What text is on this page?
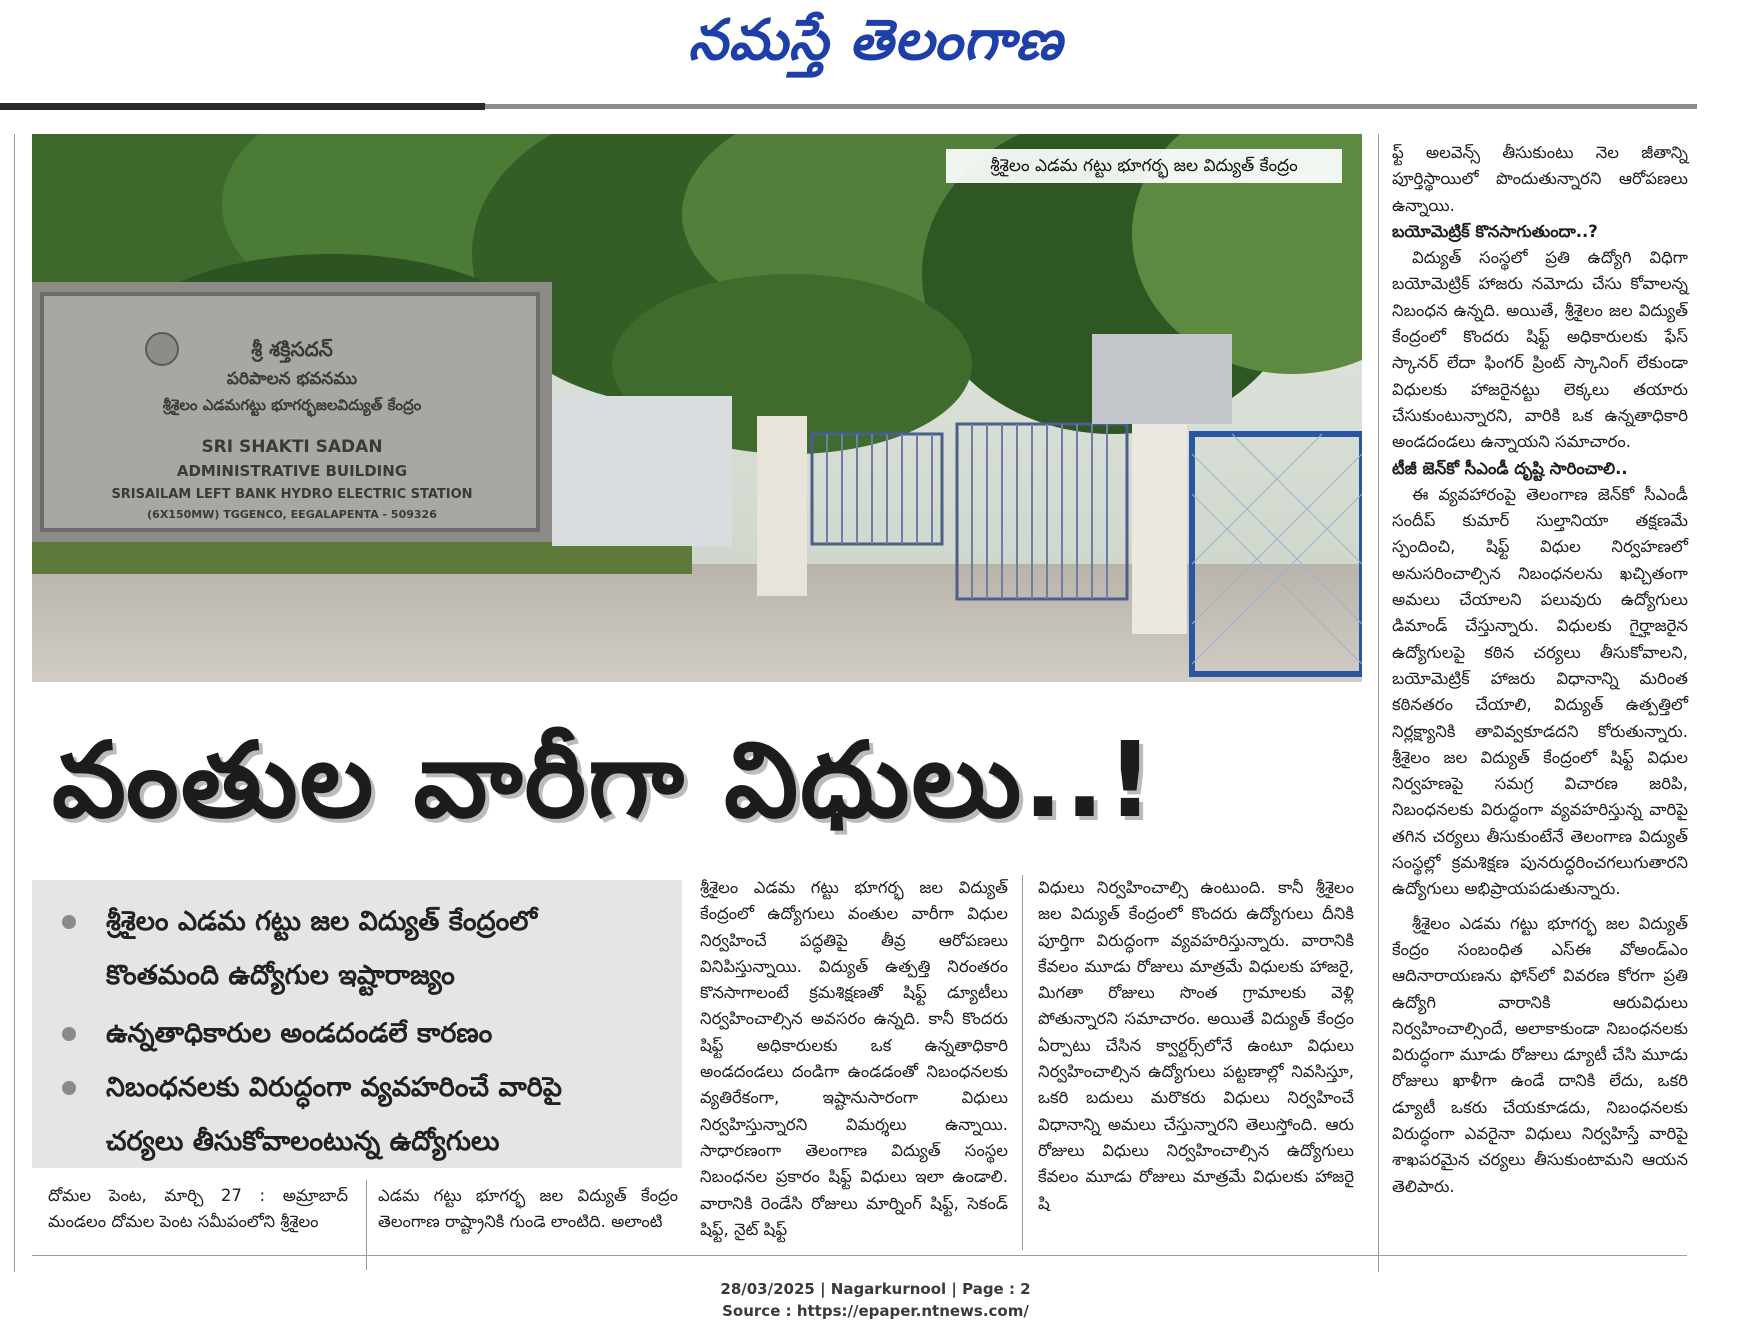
నమస్తే తెలంగాణ
శ్రీ శక్తిసదన్
పరిపాలన భవనము
శ్రీశైలం ఎడమగట్టు భూగర్భజలవిద్యుత్ కేంద్రం
SRI SHAKTI SADAN
ADMINISTRATIVE BUILDING
SRISAILAM LEFT BANK HYDRO ELECTRIC STATION
(6X150MW) TGGENCO, EEGALAPENTA - 509326
శ్రీశైలం ఎడమ గట్టు భూగర్భ జల విద్యుత్ కేంద్రం
వంతుల వారీగా విధులు..!
శ్రీశైలం ఎడమ గట్టు జల విద్యుత్ కేంద్రంలో
కొంతమంది ఉద్యోగుల ఇష్టారాజ్యం
ఉన్నతాధికారుల అండదండలే కారణం
నిబంధనలకు విరుద్ధంగా వ్యవహరించే వారిపై
చర్యలు తీసుకోవాలంటున్న ఉద్యోగులు

దోమల పెంట, మార్చి 27 : అమ్రాబాద్ మండలం దోమల పెంట సమీపంలోని శ్రీశైలం

ఎడమ గట్టు భూగర్భ జల విద్యుత్ కేంద్రం తెలంగాణ రాష్ట్రానికి గుండె లాంటిది. అలాంటి

శ్రీశైలం ఎడమ గట్టు భూగర్భ జల విద్యుత్ కేంద్రంలో ఉద్యోగులు వంతుల వారీగా విధుల నిర్వహించే పద్ధతిపై తీవ్ర ఆరోపణలు వినిపిస్తున్నాయి. విద్యుత్ ఉత్పత్తి నిరంతరం కొనసాగాలంటే క్రమశిక్షణతో షిఫ్ట్ డ్యూటీలు నిర్వహించాల్సిన అవసరం ఉన్నది. కానీ కొందరు షిఫ్ట్ అధికారులకు ఒక ఉన్నతాధికారి అండదండలు దండిగా ఉండడంతో నిబంధనలకు వ్యతిరేకంగా, ఇష్టానుసారంగా విధులు నిర్వహిస్తున్నారని విమర్శలు ఉన్నాయి. సాధారణంగా తెలంగాణ విద్యుత్ సంస్థల నిబంధనల ప్రకారం షిఫ్ట్ విధులు ఇలా ఉండాలి. వారానికి రెండేసి రోజులు మార్నింగ్ షిఫ్ట్, సెకండ్ షిఫ్ట్, నైట్ షిఫ్ట్

విధులు నిర్వహించాల్సి ఉంటుంది. కానీ శ్రీశైలం జల విద్యుత్ కేంద్రంలో కొందరు ఉద్యోగులు దీనికి పూర్తిగా విరుద్ధంగా వ్యవహరిస్తున్నారు. వారానికి కేవలం మూడు రోజులు మాత్రమే విధులకు హాజరై, మిగతా రోజులు సొంత గ్రామాలకు వెళ్లి పోతున్నారని సమాచారం. అయితే విద్యుత్ కేంద్రం ఏర్పాటు చేసిన క్వార్టర్స్‌లోనే ఉంటూ విధులు నిర్వహించాల్సిన ఉద్యోగులు పట్టణాల్లో నివసిస్తూ, ఒకరి బదులు మరొకరు విధులు నిర్వహించే విధానాన్ని అమలు చేస్తున్నారని తెలుస్తోంది. ఆరు రోజులు విధులు నిర్వహించాల్సిన ఉద్యోగులు కేవలం మూడు రోజులు మాత్రమే విధులకు హాజరై షి

ఫ్ట్ అలవెన్స్ తీసుకుంటు నెల జీతాన్ని పూర్తిస్థాయిలో పొందుతున్నారని ఆరోపణలు ఉన్నాయి.

బయోమెట్రిక్ కొనసాగుతుందా..?

విద్యుత్ సంస్థలో ప్రతి ఉద్యోగి విధిగా బయోమెట్రిక్ హాజరు నమోదు చేసు కోవాలన్న నిబంధన ఉన్నది. అయితే, శ్రీశైలం జల విద్యుత్ కేంద్రంలో కొందరు షిఫ్ట్ అధికారులకు ఫేస్ స్కానర్ లేదా ఫింగర్ ప్రింట్ స్కానింగ్ లేకుండా విధులకు హాజరైనట్టు లెక్కలు తయారు చేసుకుంటున్నారని, వారికి ఒక ఉన్నతాధికారి అండదండలు ఉన్నాయని సమాచారం.

టీజీ జెన్‌కో సీఎండీ దృష్టి సారించాలి..

ఈ వ్యవహారంపై తెలంగాణ జెన్‌కో సీఎండీ సందీప్ కుమార్ సుల్తానియా తక్షణమే స్పందించి, షిఫ్ట్ విధుల నిర్వహణలో అనుసరించాల్సిన నిబంధనలను ఖచ్చితంగా అమలు చేయాలని పలువురు ఉద్యోగులు డిమాండ్ చేస్తున్నారు. విధులకు గైర్హాజరైన ఉద్యోగులపై కఠిన చర్యలు తీసుకోవాలని, బయోమెట్రిక్ హాజరు విధానాన్ని మరింత కఠినతరం చేయాలి, విద్యుత్ ఉత్పత్తిలో నిర్లక్ష్యానికి తావివ్వకూడదని కోరుతున్నారు. శ్రీశైలం జల విద్యుత్ కేంద్రంలో షిఫ్ట్ విధుల నిర్వహణపై సమగ్ర విచారణ జరిపి, నిబంధనలకు విరుద్ధంగా వ్యవహరిస్తున్న వారిపై తగిన చర్యలు తీసుకుంటేనే తెలంగాణ విద్యుత్ సంస్థల్లో క్రమశిక్షణ పునరుద్ధరించగలుగుతారని ఉద్యోగులు అభిప్రాయపడుతున్నారు.

శ్రీశైలం ఎడమ గట్టు భూగర్భ జల విద్యుత్ కేంద్రం సంబంధిత ఎస్ఈ వోఅండ్ఎం ఆదినారాయణను ఫోన్‌లో వివరణ కోరగా ప్రతి ఉద్యోగి వారానికి ఆరువిధులు నిర్వహించాల్సిందే, అలాకాకుండా నిబంధనలకు విరుద్ధంగా మూడు రోజులు డ్యూటీ చేసి మూడు రోజులు ఖాళీగా ఉండే దానికి లేదు, ఒకరి డ్యూటీ ఒకరు చేయకూడదు, నిబంధనలకు విరుద్ధంగా ఎవరైనా విధులు నిర్వహిస్తే వారిపై శాఖపరమైన చర్యలు తీసుకుంటామని ఆయన తెలిపారు.

28/03/2025 | Nagarkurnool | Page : 2
Source : https://epaper.ntnews.com/
